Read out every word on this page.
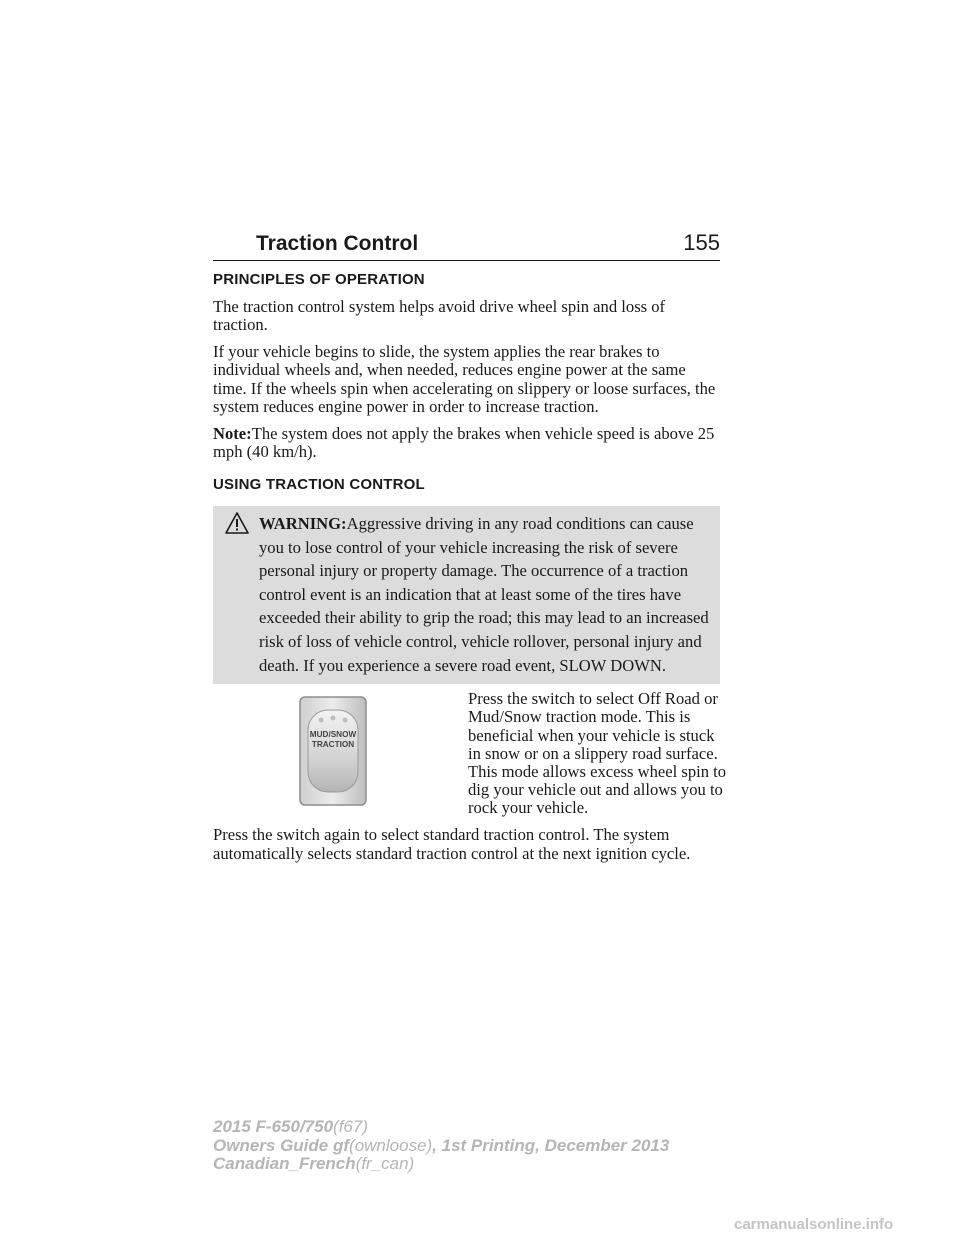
Traction Control	155
PRINCIPLES OF OPERATION

The traction control system helps avoid drive wheel spin and loss of traction.

If your vehicle begins to slide, the system applies the rear brakes to individual wheels and, when needed, reduces engine power at the same time. If the wheels spin when accelerating on slippery or loose surfaces, the system reduces engine power in order to increase traction.

Note:The system does not apply the brakes when vehicle speed is above 25 mph (40 km/h).

USING TRACTION CONTROL
WARNING:Aggressive driving in any road conditions can cause you to lose control of your vehicle increasing the risk of severe personal injury or property damage. The occurrence of a traction control event is an indication that at least some of the tires have exceeded their ability to grip the road; this may lead to an increased risk of loss of vehicle control, vehicle rollover, personal injury and death. If you experience a severe road event, SLOW DOWN.
MUD/SNOW
TRACTION
Press the switch to select Off Road or Mud/Snow traction mode. This is beneficial when your vehicle is stuck in snow or on a slippery road surface. This mode allows excess wheel spin to dig your vehicle out and allows you to rock your vehicle.

Press the switch again to select standard traction control. The system automatically selects standard traction control at the next ignition cycle.

2015 F-650/750(f67)
Owners Guide gf(ownloose), 1st Printing, December 2013
Canadian_French(fr_can)
carmanualsonline.info
